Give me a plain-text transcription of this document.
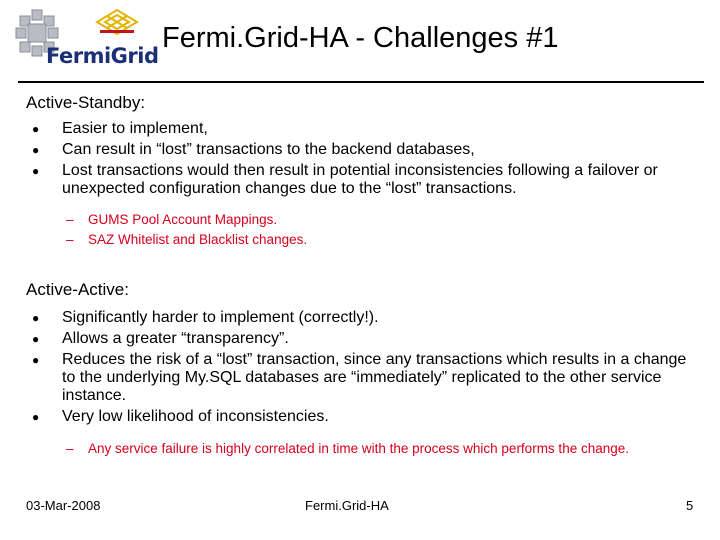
FermiGrid
Fermi.Grid-HA - Challenges #1
Active-Standby:
● Easier to implement,
● Can result in “lost” transactions to the backend databases,
● Lost transactions would then result in potential inconsistencies following a failover or unexpected configuration changes due to the “lost” transactions.
– GUMS Pool Account Mappings.
– SAZ Whitelist and Blacklist changes.
Active-Active:
● Significantly harder to implement (correctly!).
● Allows a greater “transparency”.
● Reduces the risk of a “lost” transaction, since any transactions which results in a change to the underlying My.SQL databases are “immediately” replicated to the other service instance.
● Very low likelihood of inconsistencies.
– Any service failure is highly correlated in time with the process which performs the change.
03-Mar-2008	Fermi.Grid-HA	5
